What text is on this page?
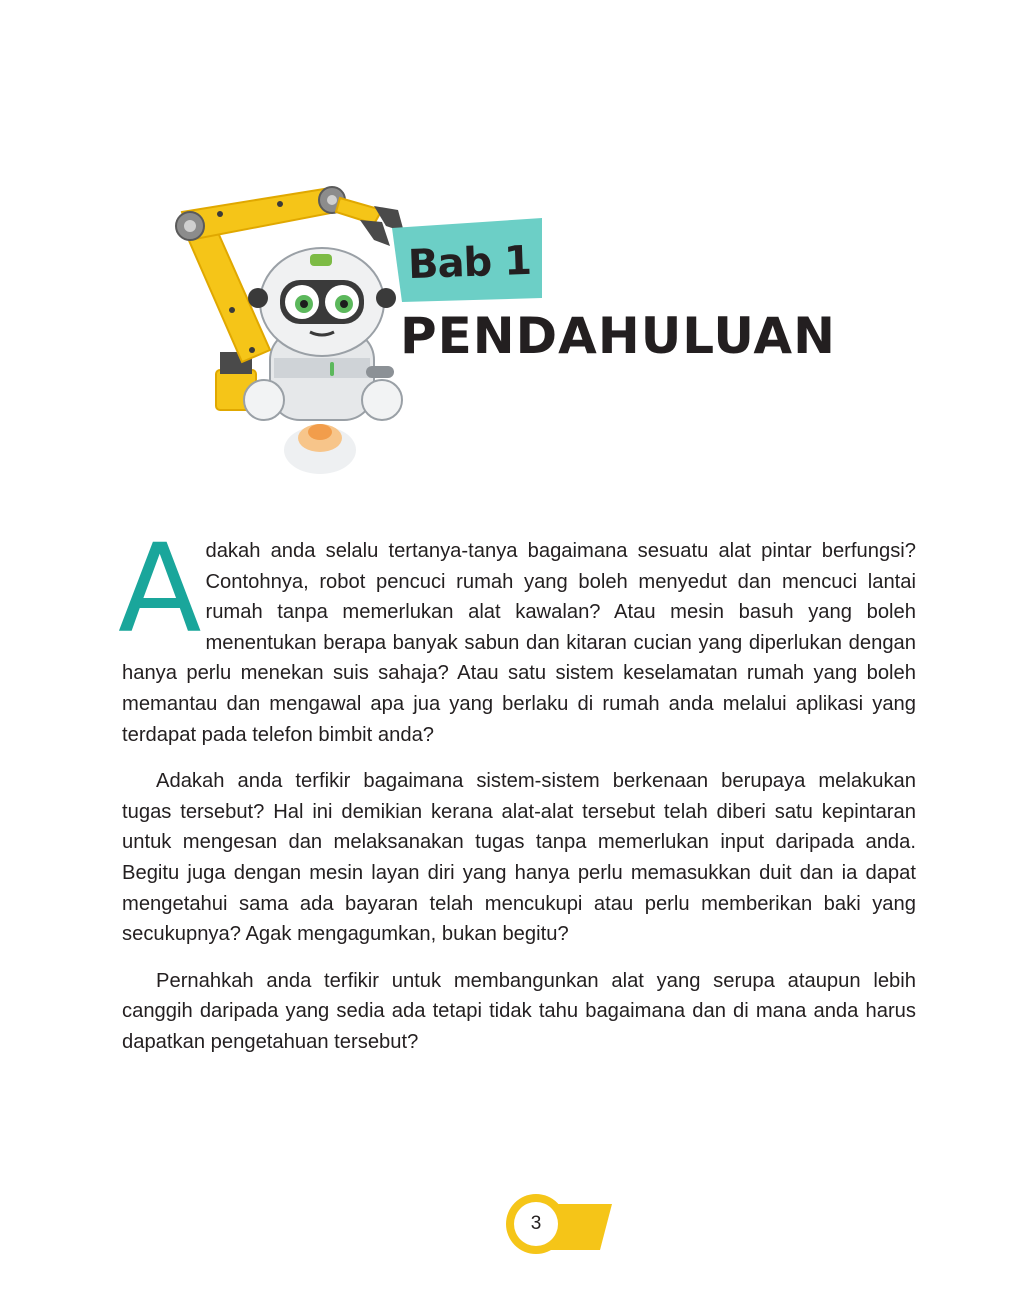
Bab 1
PENDAHULUAN

Adakah anda selalu tertanya-tanya bagaimana sesuatu alat pintar berfungsi? Contohnya, robot pencuci rumah yang boleh menyedut dan mencuci lantai rumah tanpa memerlukan alat kawalan? Atau mesin basuh yang boleh menentukan berapa banyak sabun dan kitaran cucian yang diperlukan dengan hanya perlu menekan suis sahaja? Atau satu sistem keselamatan rumah yang boleh memantau dan mengawal apa jua yang berlaku di rumah anda melalui aplikasi yang terdapat pada telefon bimbit anda?

Adakah anda terfikir bagaimana sistem-sistem berkenaan berupaya melakukan tugas tersebut? Hal ini demikian kerana alat-alat tersebut telah diberi satu kepintaran untuk mengesan dan melaksanakan tugas tanpa memerlukan input daripada anda. Begitu juga dengan mesin layan diri yang hanya perlu memasukkan duit dan ia dapat mengetahui sama ada bayaran telah mencukupi atau perlu memberikan baki yang secukupnya? Agak mengagumkan, bukan begitu?

Pernahkah anda terfikir untuk membangunkan alat yang serupa ataupun lebih canggih daripada yang sedia ada tetapi tidak tahu bagaimana dan di mana anda harus dapatkan pengetahuan tersebut?

3
